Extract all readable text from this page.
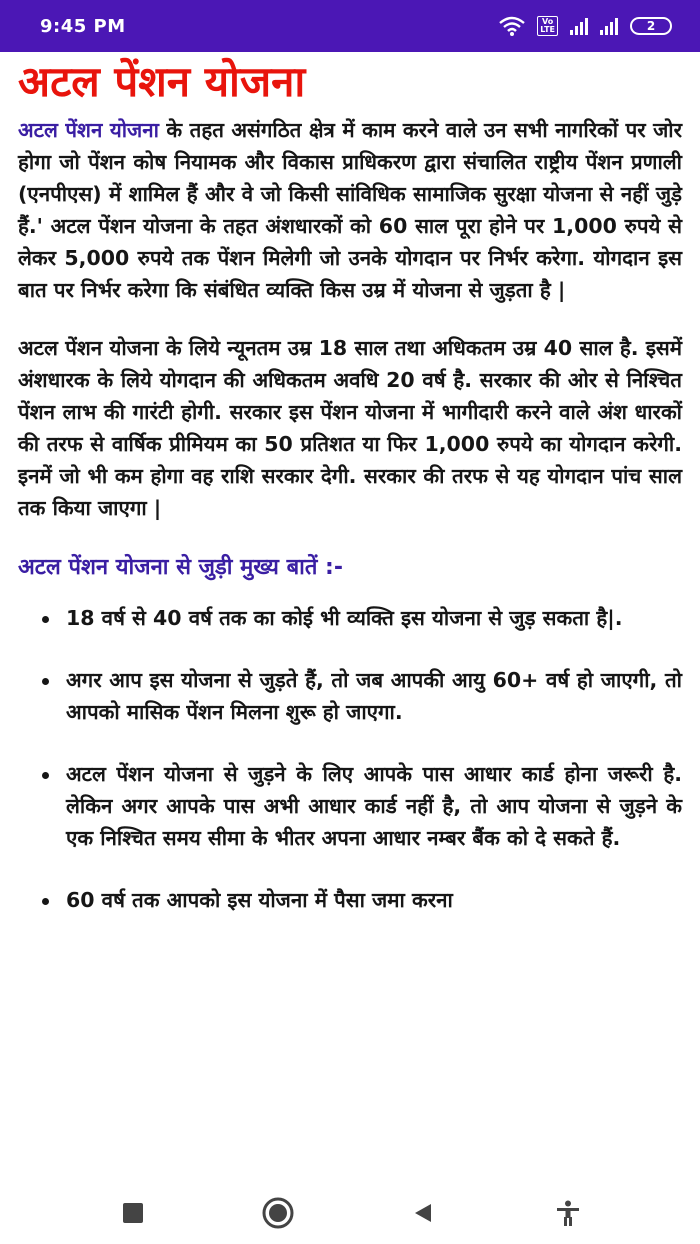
9:45 PM	Vo
LTE	2
अटल पेंशन योजना

अटल पेंशन योजना के तहत असंगठित क्षेत्र में काम करने वाले उन सभी नागरिकों पर जोर होगा जो पेंशन कोष नियामक और विकास प्राधिकरण द्वारा संचालित राष्ट्रीय पेंशन प्रणाली (एनपीएस) में शामिल हैं और वे जो किसी सांविधिक सामाजिक सुरक्षा योजना से नहीं जुड़े हैं.' अटल पेंशन योजना के तहत अंशधारकों को 60 साल पूरा होने पर 1,000 रुपये से लेकर 5,000 रुपये तक पेंशन मिलेगी जो उनके योगदान पर निर्भर करेगा. योगदान इस बात पर निर्भर करेगा कि संबंधित व्यक्ति किस उम्र में योजना से जुड़ता है |

अटल पेंशन योजना के लिये न्यूनतम उम्र 18 साल तथा अधिकतम उम्र 40 साल है. इसमें अंशधारक के लिये योगदान की अधिकतम अवधि 20 वर्ष है. सरकार की ओर से निश्चित पेंशन लाभ की गारंटी होगी. सरकार इस पेंशन योजना में भागीदारी करने वाले अंश धारकों की तरफ से वार्षिक प्रीमियम का 50 प्रतिशत या फिर 1,000 रुपये का योगदान करेगी. इनमें जो भी कम होगा वह राशि सरकार देगी. सरकार की तरफ से यह योगदान पांच साल तक किया जाएगा |

अटल पेंशन योजना से जुड़ी मुख्य बातें :-
18 वर्ष से 40 वर्ष तक का कोई भी व्यक्ति इस योजना से जुड़ सकता है|.
अगर आप इस योजना से जुड़ते हैं, तो जब आपकी आयु 60+ वर्ष हो जाएगी, तो आपको मासिक पेंशन मिलना शुरू हो जाएगा.
अटल पेंशन योजना से जुड़ने के लिए आपके पास आधार कार्ड होना जरूरी है. लेकिन अगर आपके पास अभी आधार कार्ड नहीं है, तो आप योजना से जुड़ने के एक निश्चित समय सीमा के भीतर अपना आधार नम्बर बैंक को दे सकते हैं.
60 वर्ष तक आपको इस योजना में पैसा जमा करना
